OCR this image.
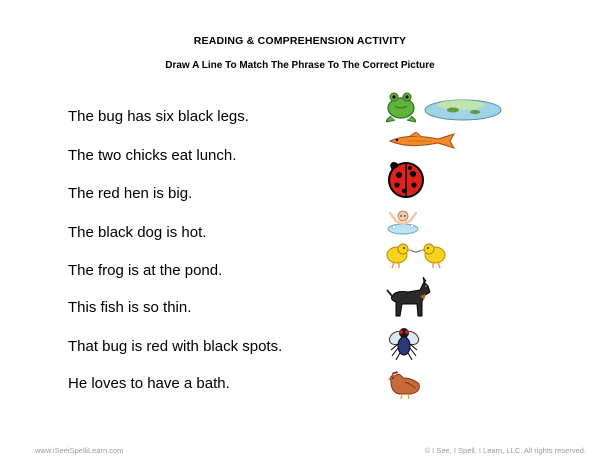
READING & COMPREHENSION ACTIVITY
Draw A Line To Match The Phrase To The Correct Picture
The bug has six black legs.
The two chicks eat lunch.
The red hen is big.
The black dog is hot.
The frog is at the pond.
This fish is so thin.
That bug is red with black spots.
He loves to have a bath.
www.iSeeiSpelliLearn.com	© I See, I Spell, I Learn, LLC. All rights reserved.
